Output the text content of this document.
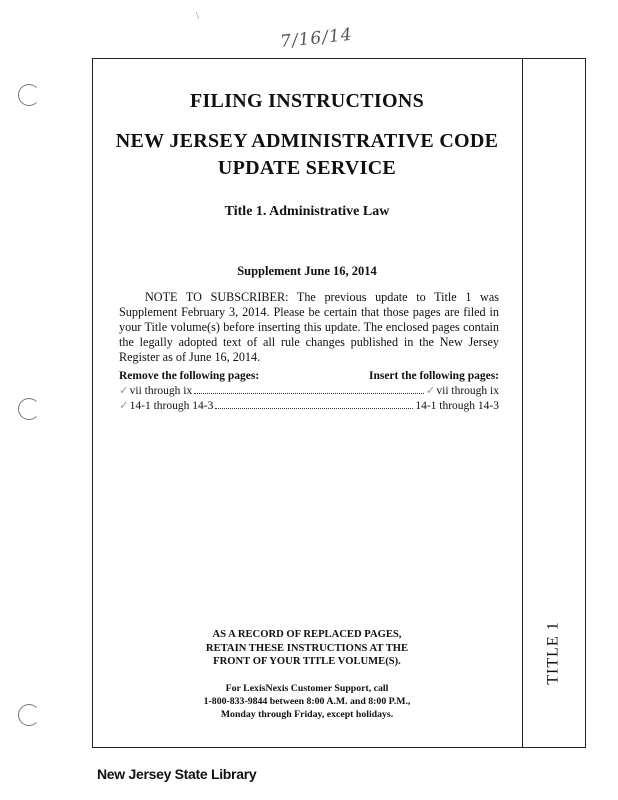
\
7/16/14
TITLE 1
FILING INSTRUCTIONS
NEW JERSEY ADMINISTRATIVE CODE
UPDATE SERVICE
Title 1. Administrative Law
Supplement June 16, 2014
NOTE TO SUBSCRIBER: The previous update to Title 1 was Supplement February 3, 2014. Please be certain that those pages are filed in your Title volume(s) before inserting this update. The enclosed pages contain the legally adopted text of all rule changes published in the New Jersey Register as of June 16, 2014.
Remove the following pages:	Insert the following pages:
✓ vii through ix	✓ vii through ix
✓ 14-1 through 14-3	14-1 through 14-3
AS A RECORD OF REPLACED PAGES,
RETAIN THESE INSTRUCTIONS AT THE
FRONT OF YOUR TITLE VOLUME(S).
For LexisNexis Customer Support, call
1-800-833-9844 between 8:00 A.M. and 8:00 P.M.,
Monday through Friday, except holidays.
New Jersey State Library
